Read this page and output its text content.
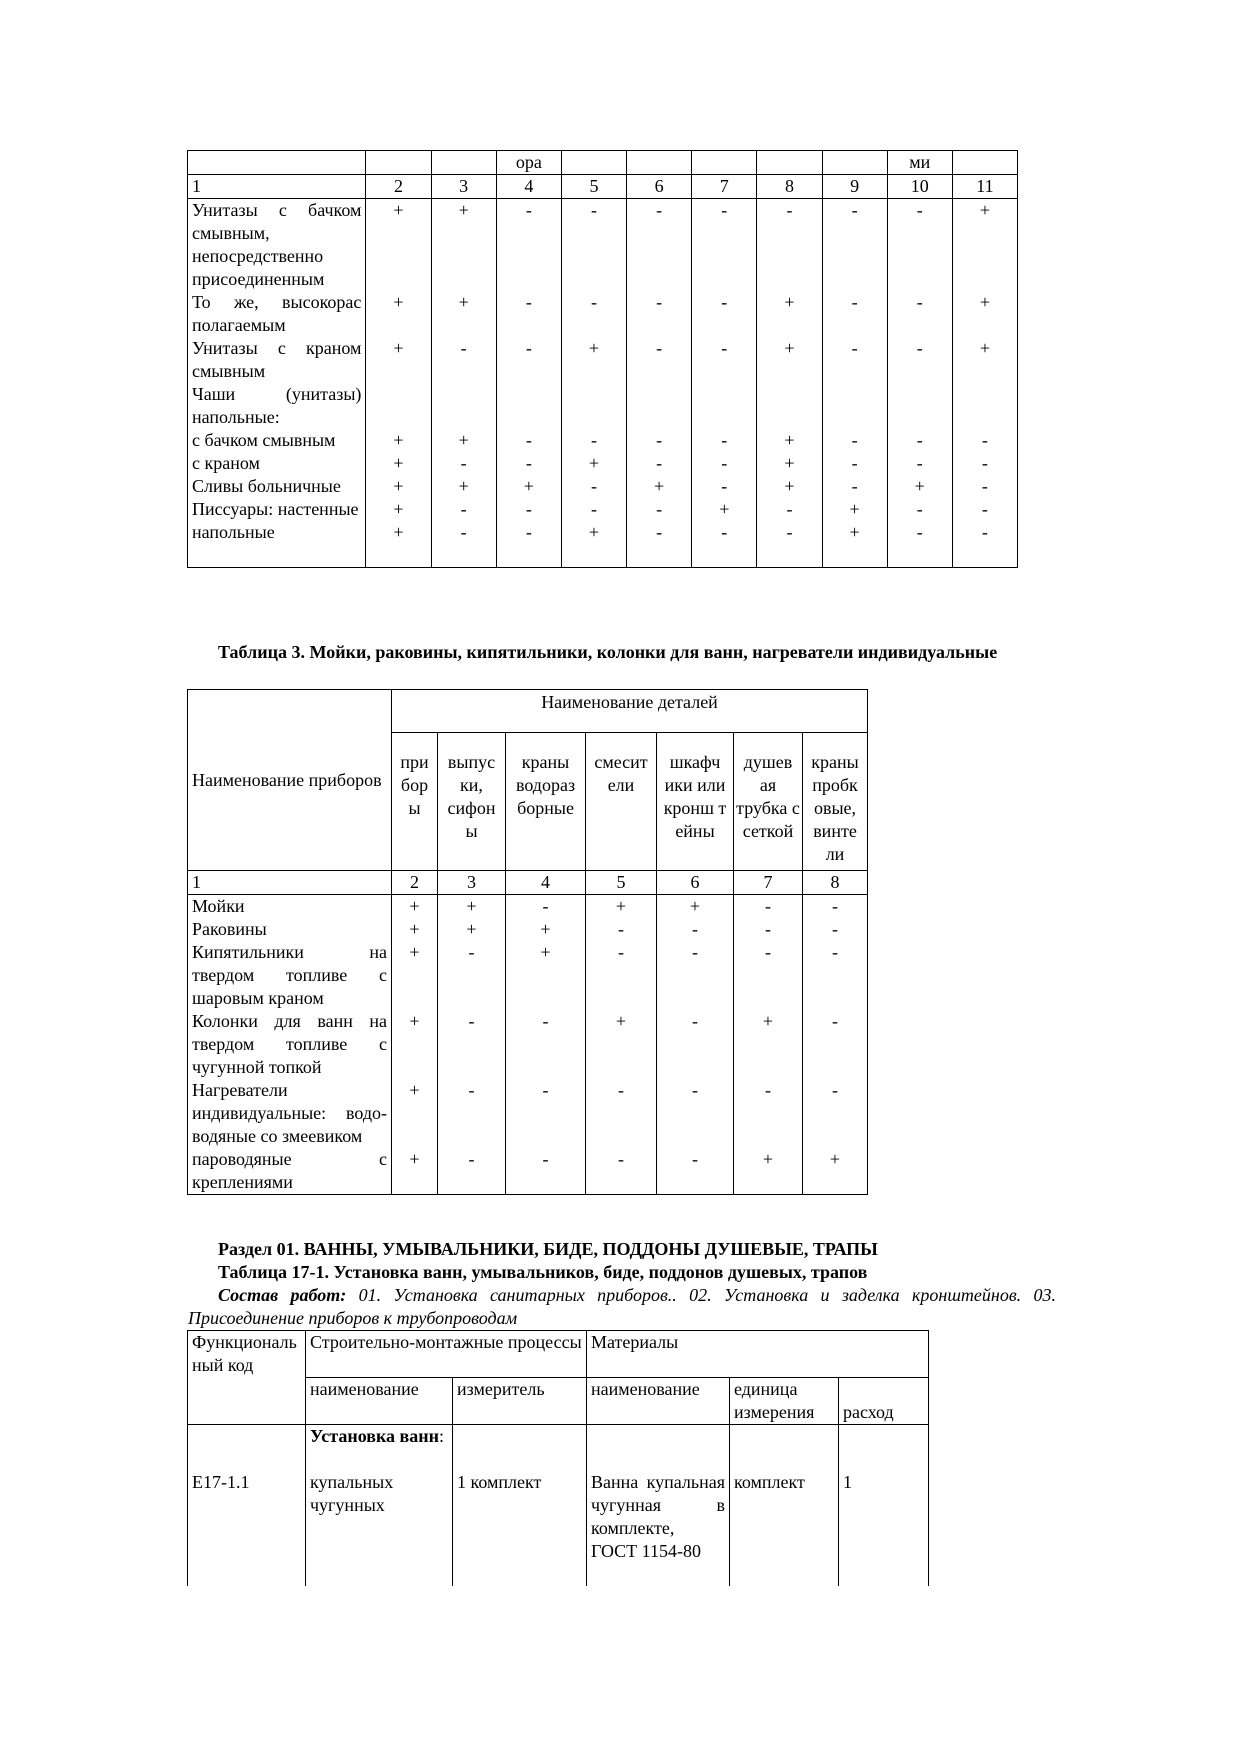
			ора						ми	
1	2	3	4	5	6	7	8	9	10	11
Унитазы с бачком смывным, непосредственно присоединенным	+	+	-	-	-	-	-	-	-	+
То же, высокорас полагаемым	+	+	-	-	-	-	+	-	-	+
Унитазы с краном смывным	+	-	-	+	-	-	+	-	-	+
Чаши (унитазы) напольные:										
с бачком смывным	+	+	-	-	-	-	+	-	-	-
с краном	+	-	-	+	-	-	+	-	-	-
Сливы больничные	+	+	+	-	+	-	+	-	+	-
Писсуары: настенные	+	-	-	-	-	+	-	+	-	-
напольные	+	-	-	+	-	-	-	+	-	-
Таблица 3. Мойки, раковины, кипятильники, колонки для ванн, нагреватели индивидуальные
Наименование приборов	Наименование деталей						
	при бор ы	выпус ки, сифон ы	краны водораз борные	смесит ели	шкафч ики или кронш т ейны	душев ая трубка с сеткой	краны пробк овые, винте ли
1	2	3	4	5	6	7	8
Мойки	+	+	-	+	+	-	-
Раковины	+	+	+	-	-	-	-
Кипятильники на твердом топливе с шаровым краном	+	-	+	-	-	-	-
Колонки для ванн на твердом топливе с чугунной топкой	+	-	-	+	-	+	-
Нагреватели индивидуальные: водо-водяные со змеевиком	+	-	-	-	-	-	-
пароводяные с креплениями	+	-	-	-	-	+	+
Раздел 01. ВАННЫ, УМЫВАЛЬНИКИ, БИДЕ, ПОДДОНЫ ДУШЕВЫЕ, ТРАПЫ
Таблица 17-1. Установка ванн, умывальников, биде, поддонов душевых, трапов
Состав работ: 01. Установка санитарных приборов.. 02. Установка и заделка кронштейнов. 03. Присоединение приборов к трубопроводам
Функциональный код	Строительно-монтажные процессы		Материалы		
	наименование	измеритель	наименование	единица измерения	расход
	Установка ванн:				
Е17-1.1	купальных чугунных	1 комплект	Ванна купальная чугунная в комплекте, ГОСТ 1154-80	комплект	1
